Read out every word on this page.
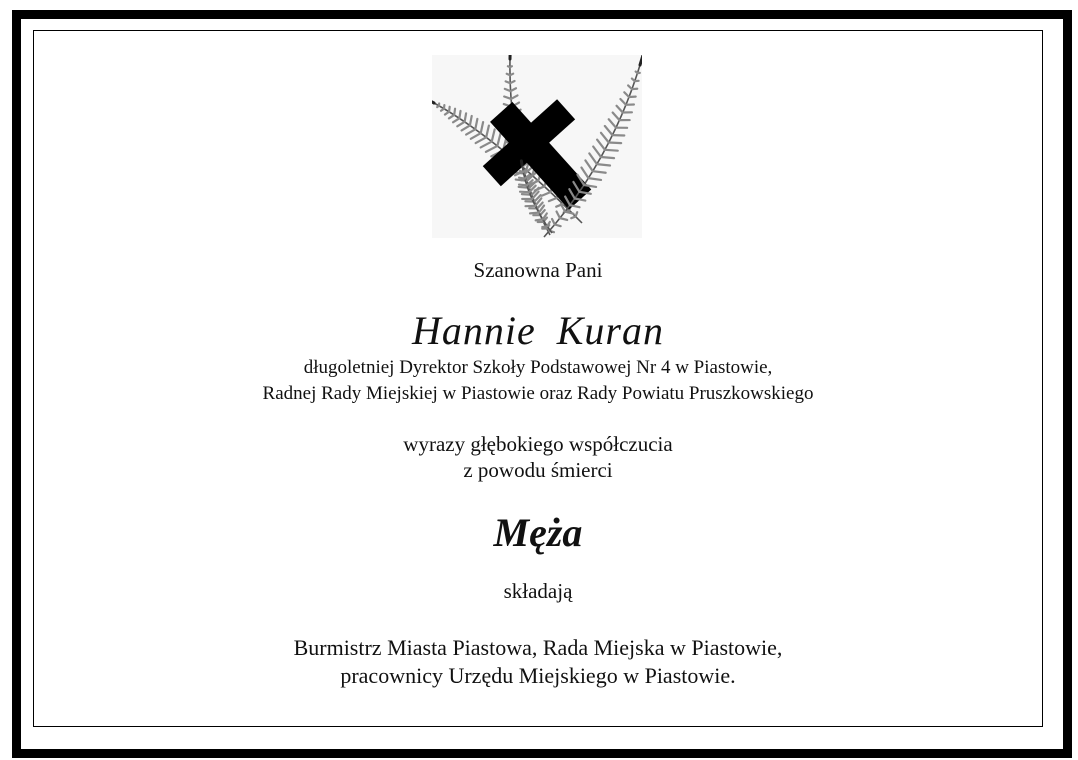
Szanowna Pani

Hannie Kuran

długoletniej Dyrektor Szkoły Podstawowej Nr 4 w Piastowie,

Radnej Rady Miejskiej w Piastowie oraz Rady Powiatu Pruszkowskiego

wyrazy głębokiego współczucia

z powodu śmierci

Męża

składają

Burmistrz Miasta Piastowa, Rada Miejska w Piastowie,

pracownicy Urzędu Miejskiego w Piastowie.
